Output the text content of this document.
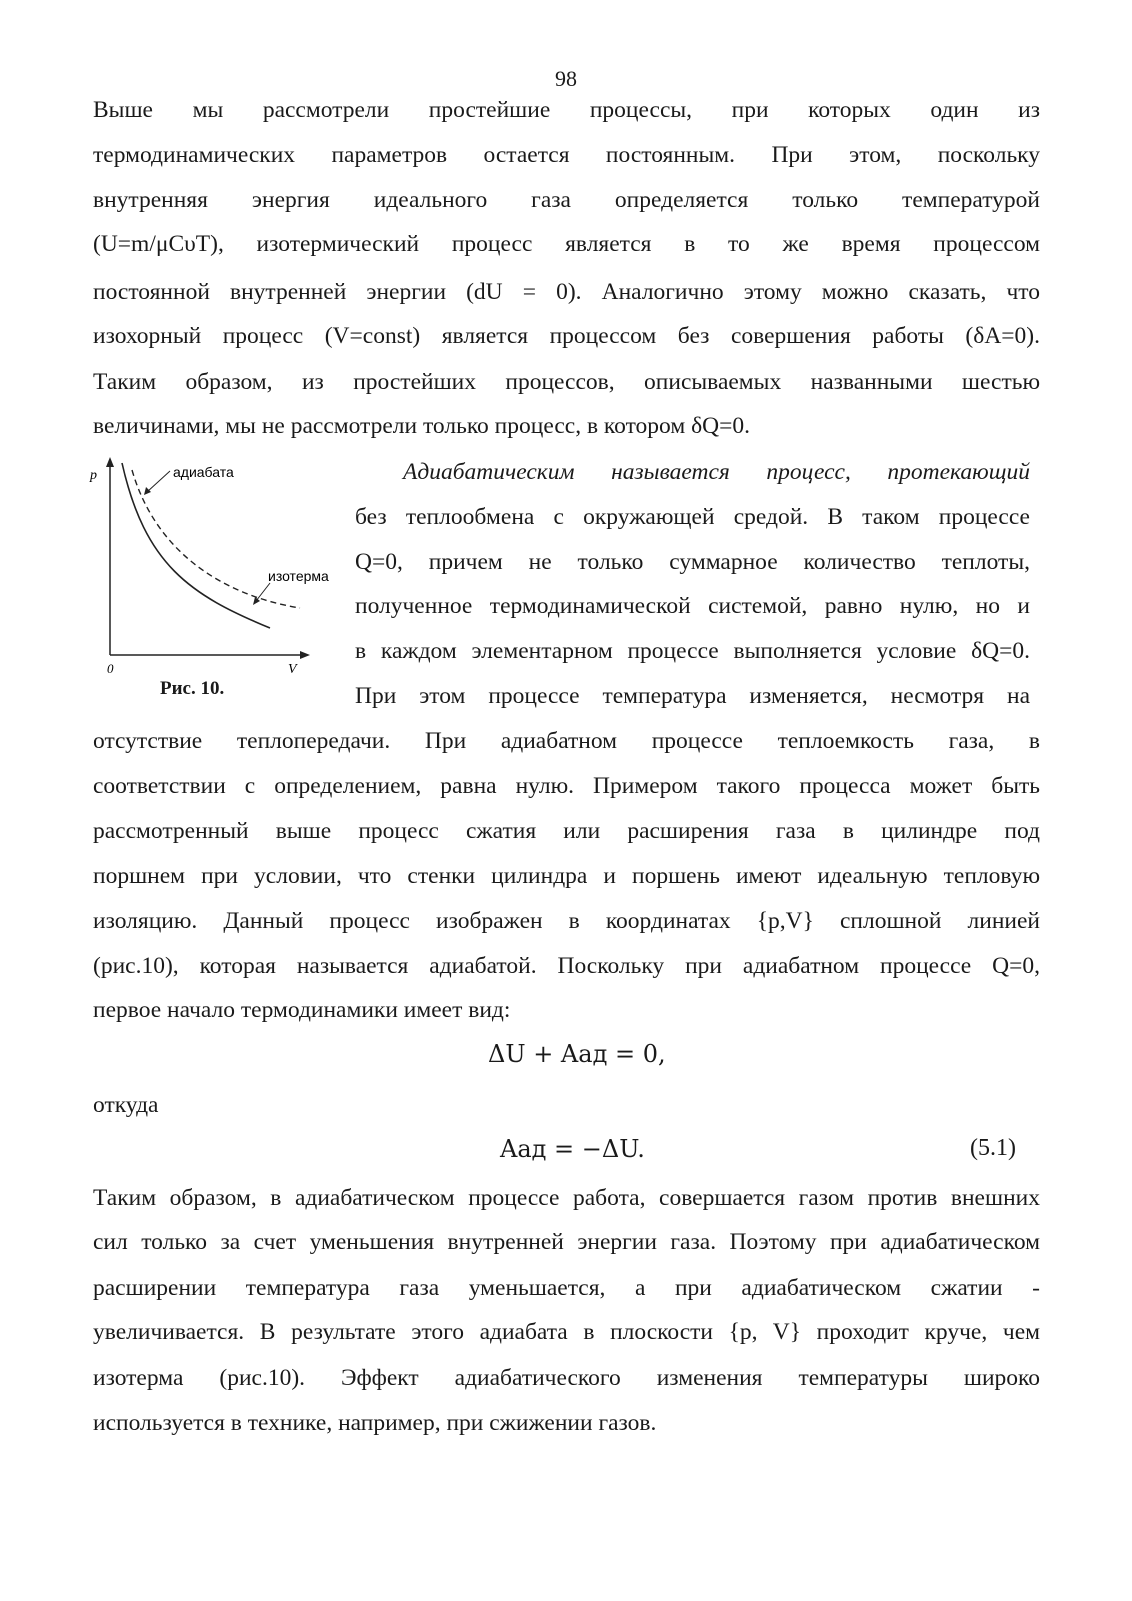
98
Выше мы рассмотрели простейшие процессы, при которых один из
термодинамических параметров остается постоянным. При этом, поскольку
внутренняя энергия идеального газа определяется только температурой
(U=m/μCυT), изотермический процесс является в то же время процессом
постоянной внутренней энергии (dU = 0). Аналогично этому можно сказать, что
изохорный процесс (V=const) является процессом без совершения работы (δA=0).
Таким образом, из простейших процессов, описываемых названными шестью
величинами, мы не рассмотрели только процесс, в котором δQ=0.
p
V
0
адиабата
изотерма
Рис. 10.
Адиабатическим называется процесс, протекающий
без теплообмена с окружающей средой. В таком процессе
Q=0, причем не только суммарное количество теплоты,
полученное термодинамической системой, равно нулю, но и
в каждом элементарном процессе выполняется условие δQ=0.
При этом процессе температура изменяется, несмотря на
отсутствие теплопередачи. При адиабатном процессе теплоемкость газа, в
соответствии с определением, равна нулю. Примером такого процесса может быть
рассмотренный выше процесс сжатия или расширения газа в цилиндре под
поршнем при условии, что стенки цилиндра и поршень имеют идеальную тепловую
изоляцию. Данный процесс изображен в координатах {p,V} сплошной линией
(рис.10), которая называется адиабатой. Поскольку при адиабатном процессе Q=0,
первое начало термодинамики имеет вид:
ΔU + Aад = 0,
откуда
Aад = −ΔU.	(5.1)
Таким образом, в адиабатическом процессе работа, совершается газом против внешних
сил только за счет уменьшения внутренней энергии газа. Поэтому при адиабатическом
расширении температура газа уменьшается, а при адиабатическом сжатии -
увеличивается. В результате этого адиабата в плоскости {p, V} проходит круче, чем
изотерма (рис.10). Эффект адиабатического изменения температуры широко
используется в технике, например, при сжижении газов.
